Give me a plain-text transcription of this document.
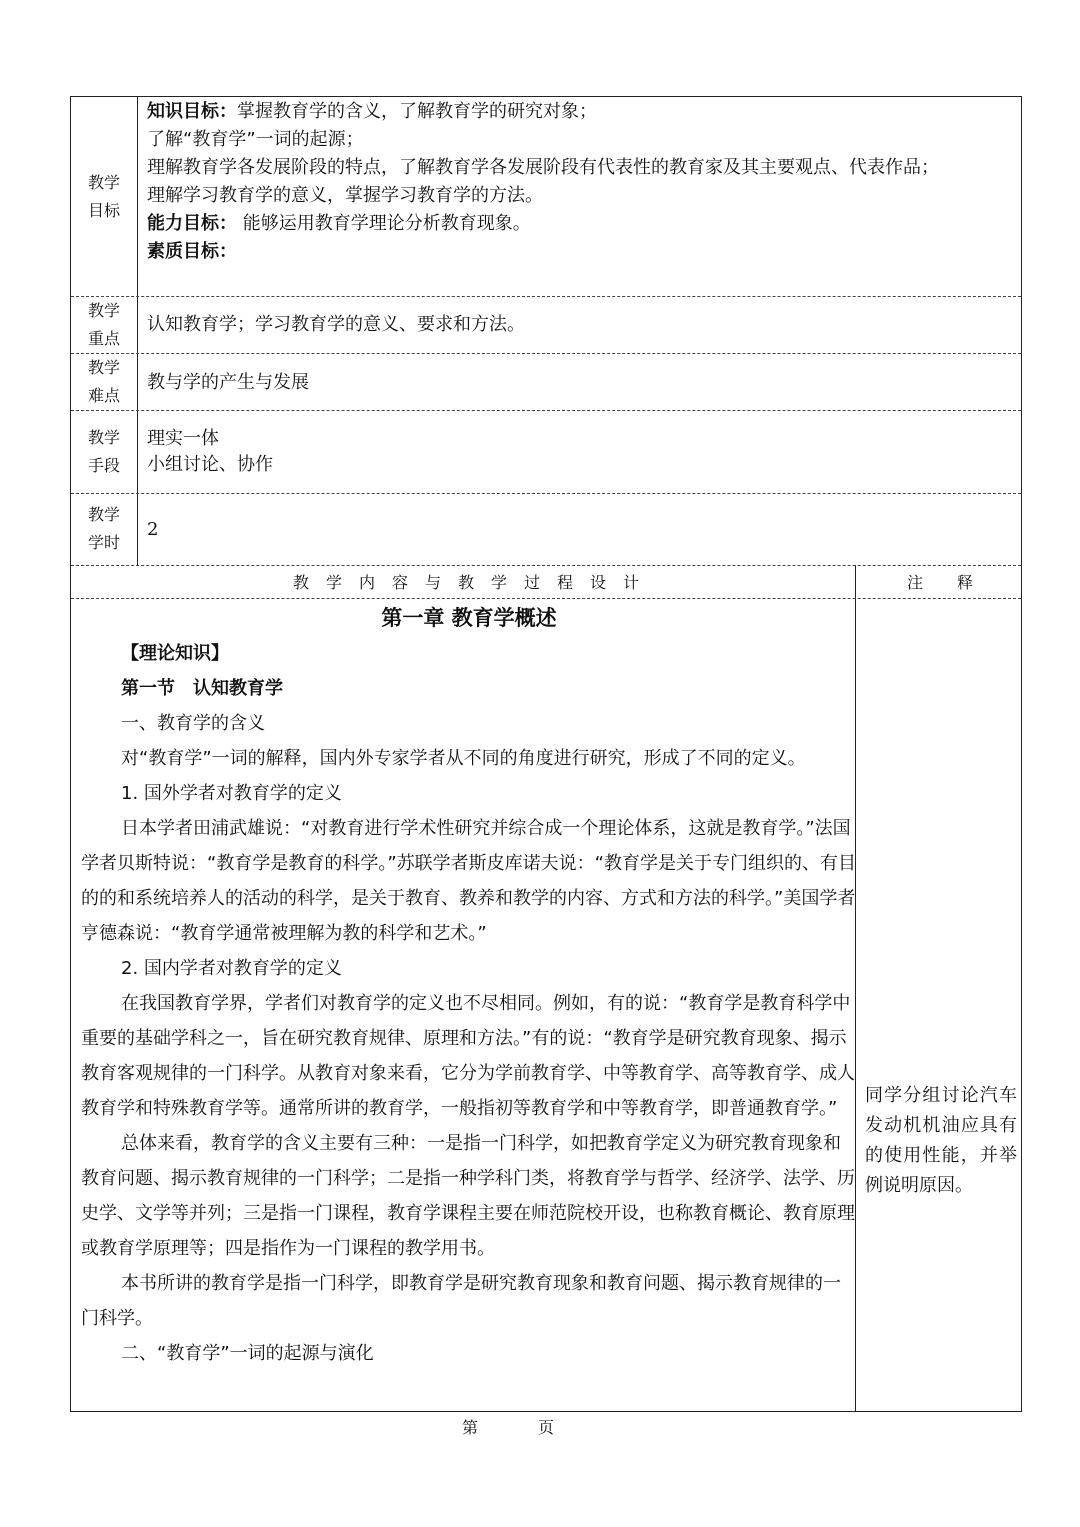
教学
目标
知识目标：掌握教育学的含义，了解教育学的研究对象；
了解“教育学”一词的起源；
理解教育学各发展阶段的特点，了解教育学各发展阶段有代表性的教育家及其主要观点、代表作品；
理解学习教育学的意义，掌握学习教育学的方法。
能力目标： 能够运用教育学理论分析教育现象。
素质目标：
教学
重点
认知教育学；学习教育学的意义、要求和方法。
教学
难点
教与学的产生与发展
教学
手段
理实一体
小组讨论、协作
教学
学时
2
教学内容与教学过程设计	注释

第一章 教育学概述

【理论知识】

第一节　认知教育学

一、教育学的含义

对“教育学”一词的解释，国内外专家学者从不同的角度进行研究，形成了不同的定义。

1. 国外学者对教育学的定义

日本学者田浦武雄说：“对教育进行学术性研究并综合成一个理论体系，这就是教育学。”法国学者贝斯特说：“教育学是教育的科学。”苏联学者斯皮库诺夫说：“教育学是关于专门组织的、有目的的和系统培养人的活动的科学，是关于教育、教养和教学的内容、方式和方法的科学。”美国学者亨德森说：“教育学通常被理解为教的科学和艺术。”

2. 国内学者对教育学的定义

在我国教育学界，学者们对教育学的定义也不尽相同。例如，有的说：“教育学是教育科学中重要的基础学科之一，旨在研究教育规律、原理和方法。”有的说：“教育学是研究教育现象、揭示教育客观规律的一门科学。从教育对象来看，它分为学前教育学、中等教育学、高等教育学、成人教育学和特殊教育学等。通常所讲的教育学，一般指初等教育学和中等教育学，即普通教育学。”

总体来看，教育学的含义主要有三种：一是指一门科学，如把教育学定义为研究教育现象和教育问题、揭示教育规律的一门科学；二是指一种学科门类，将教育学与哲学、经济学、法学、历史学、文学等并列；三是指一门课程，教育学课程主要在师范院校开设，也称教育概论、教育原理或教育学原理等；四是指作为一门课程的教学用书。

本书所讲的教育学是指一门科学，即教育学是研究教育现象和教育问题、揭示教育规律的一门科学。

二、“教育学”一词的起源与演化

同学分组讨论汽车发动机机油应具有的使用性能，并举例说明原因。
第	页
